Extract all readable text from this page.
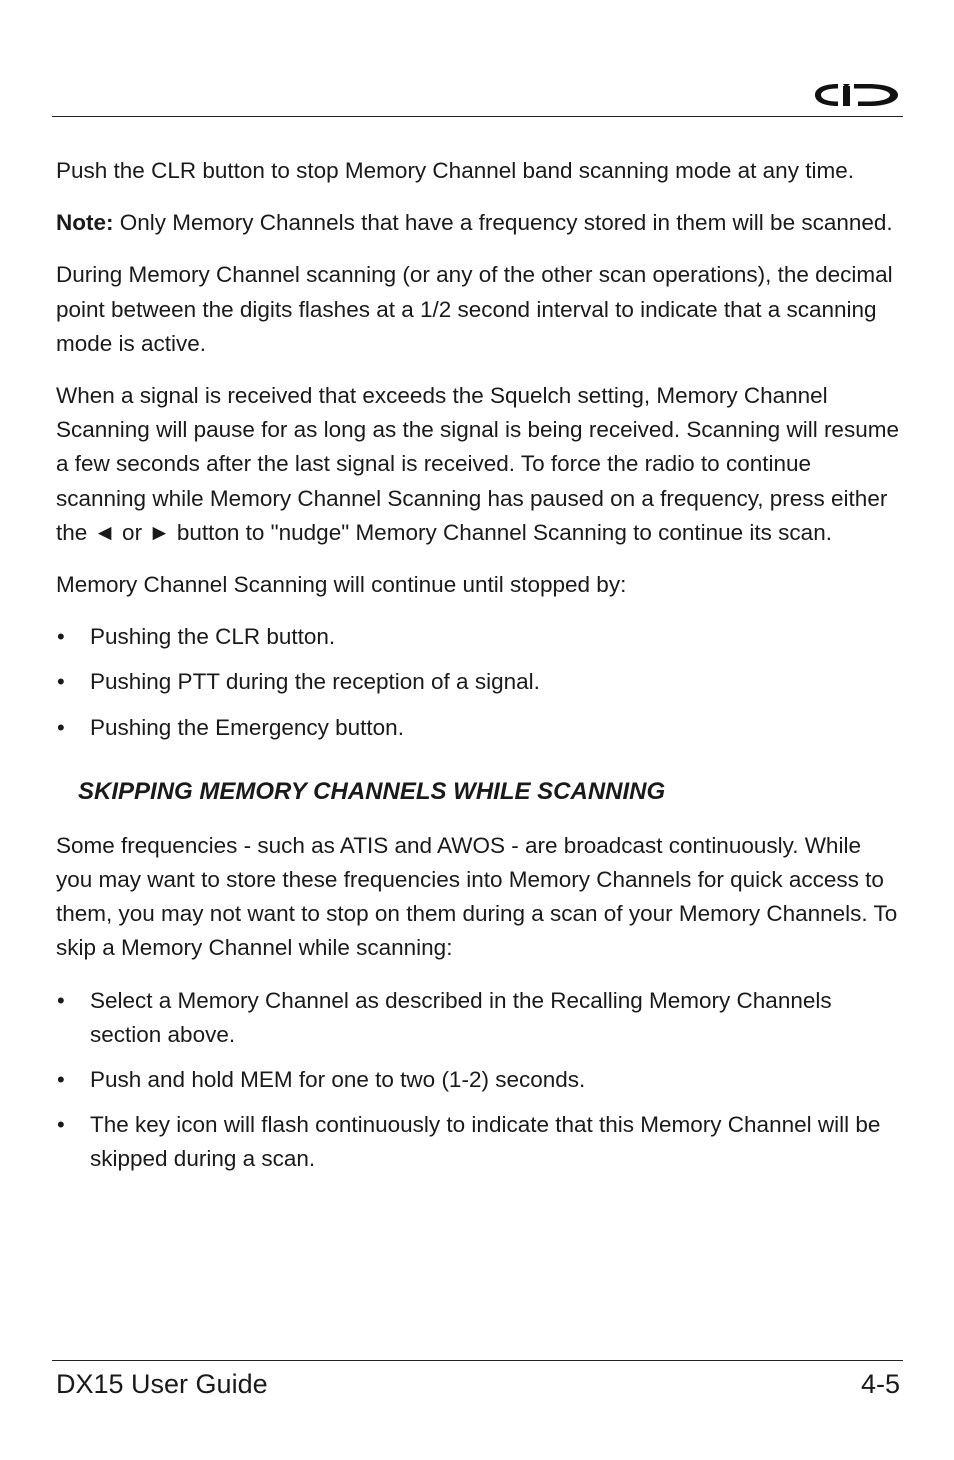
Push the CLR button to stop Memory Channel band scanning mode at any time.

Note: Only Memory Channels that have a frequency stored in them will be scanned.

During Memory Channel scanning (or any of the other scan operations), the decimal point between the digits flashes at a 1/2 second interval to indicate that a scanning mode is active.

When a signal is received that exceeds the Squelch setting, Memory Channel Scanning will pause for as long as the signal is being received. Scanning will resume a few seconds after the last signal is received. To force the radio to continue scanning while Memory Channel Scanning has paused on a frequency, press either the ◄ or ► button to "nudge" Memory Channel Scanning to continue its scan.

Memory Channel Scanning will continue until stopped by:

• Pushing the CLR button.
• Pushing PTT during the reception of a signal.
• Pushing the Emergency button.
SKIPPING MEMORY CHANNELS WHILE SCANNING

Some frequencies - such as ATIS and AWOS - are broadcast continuously. While you may want to store these frequencies into Memory Channels for quick access to them, you may not want to stop on them during a scan of your Memory Channels. To skip a Memory Channel while scanning:

• Select a Memory Channel as described in the Recalling Memory Channels section above.
• Push and hold MEM for one to two (1-2) seconds.
• The key icon will flash continuously to indicate that this Memory Channel will be skipped during a scan.
DX15 User Guide	4-5
